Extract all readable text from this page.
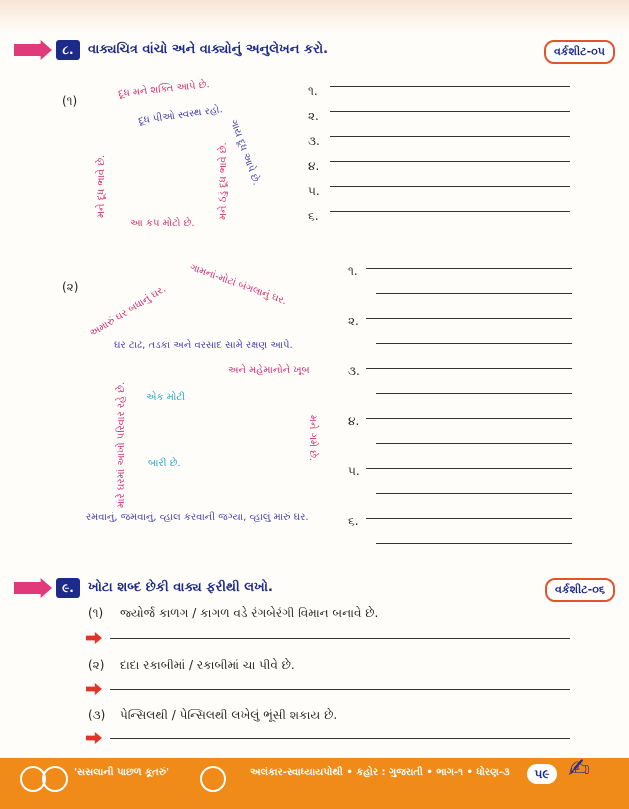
૮.	વાક્યચિત્ર વાંચો અને વાક્યોનું અનુલેખન કરો.	વર્કશીટ-૦૫
(૧)
દૂધ મને શક્તિ આપે છે.
દૂધ પીઓ સ્વસ્થ રહો.
મને દૂધ ભાવે છે.	ગાય દૂધ આપે છે.
આ કપ મોટો છે.
મને ઠંડું દૂધ ભાવે છે.
૧.
૨.
૩.
૪.
૫.
૬.
(૨)	ગામનાં-મોટાં બંગલાનું ઘર.
અમારું ઘર બધાનું ઘર.
ઘર ટાઢ, તડકા અને વરસાદ સામે રક્ષણ આપે.
અને મહેમાનોને ખૂબ
એક મોટી
બારી છે.
મને ગમે છે.
મારે ઘરમાં આખો પરિવાર રહે છે.
રમવાનું, જમવાનું, વ્હાલ કરવાની જગ્યા, વ્હાલું મારું ઘર.
૧.
૨.
૩.
૪.
૫.
૬.
૯.	ખોટા શબ્દ છેકી વાક્ય ફરીથી લખો.	વર્કશીટ-૦૬
(૧) જ્યોર્જ કાળગ / કાગળ વડે રંગબેરંગી વિમાન બનાવે છે.
(૨) દાદા રકાબીમાં / રકાબીમાં ચા પીવે છે.
(૩) પેન્સિલથી / પેન્સિલથી લખેલું ભૂંસી શકાય છે.
'સસલાની પાછળ કૂતરું'	અલંકાર-સ્વાધ્યાયપોથી • કહોર : ગુજરાતી • ભાગ-૧ • ધોરણ-૩	૫૯ ✍
